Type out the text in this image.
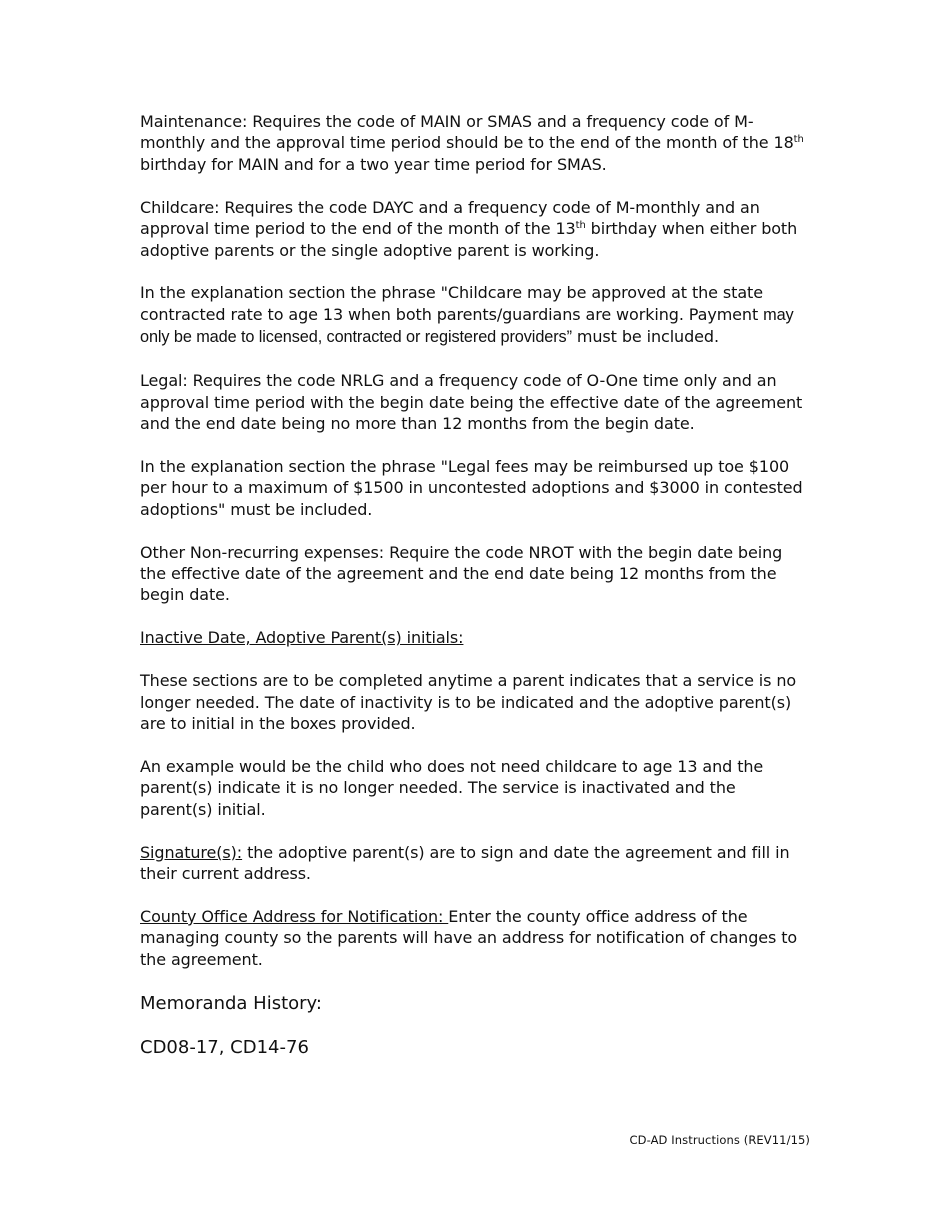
Maintenance: Requires the code of MAIN or SMAS and a frequency code of M-monthly and the approval time period should be to the end of the month of the 18th birthday for MAIN and for a two year time period for SMAS.

Childcare: Requires the code DAYC and a frequency code of M-monthly and an approval time period to the end of the month of the 13th birthday when either both adoptive parents or the single adoptive parent is working.

In the explanation section the phrase "Childcare may be approved at the state contracted rate to age 13 when both parents/guardians are working. Payment may only be made to licensed, contracted or registered providers” must be included.

Legal: Requires the code NRLG and a frequency code of O-One time only and an approval time period with the begin date being the effective date of the agreement and the end date being no more than 12 months from the begin date.

In the explanation section the phrase "Legal fees may be reimbursed up toe $100 per hour to a maximum of $1500 in uncontested adoptions and $3000 in contested adoptions" must be included.

Other Non-recurring expenses: Require the code NROT with the begin date being the effective date of the agreement and the end date being 12 months from the begin date.

Inactive Date, Adoptive Parent(s) initials:

These sections are to be completed anytime a parent indicates that a service is no longer needed. The date of inactivity is to be indicated and the adoptive parent(s) are to initial in the boxes provided.

An example would be the child who does not need childcare to age 13 and the parent(s) indicate it is no longer needed. The service is inactivated and the parent(s) initial.

Signature(s): the adoptive parent(s) are to sign and date the agreement and fill in their current address.

County Office Address for Notification: Enter the county office address of the managing county so the parents will have an address for notification of changes to the agreement.

Memoranda History:

CD08-17, CD14-76

CD-AD Instructions (REV11/15)
